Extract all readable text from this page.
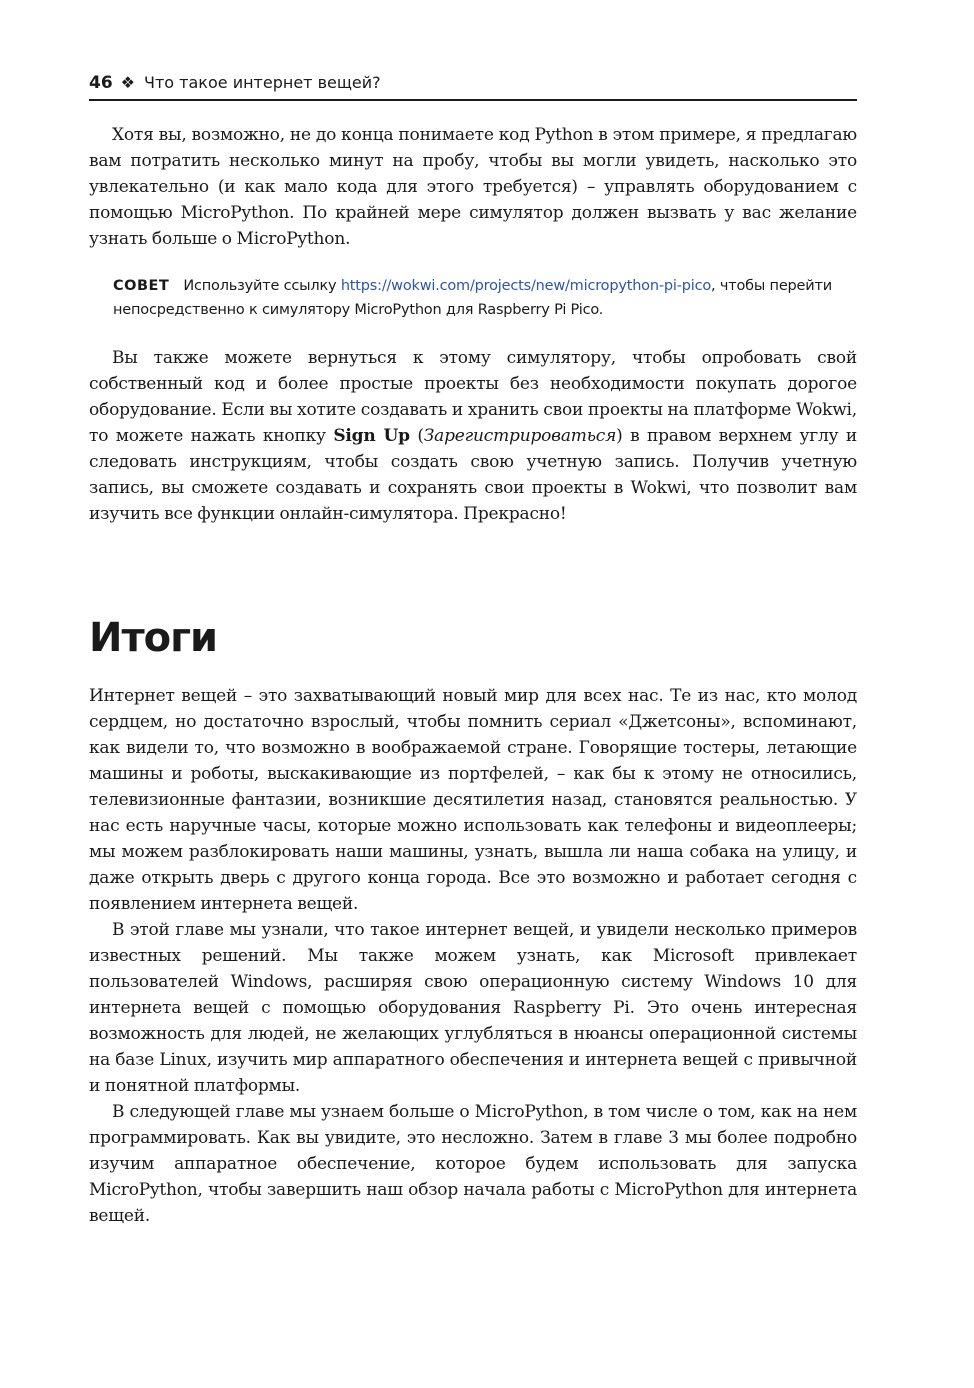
46 ❖ Что такое интернет вещей?

Хотя вы, возможно, не до конца понимаете код Python в этом примере, я предлагаю вам потратить несколько минут на пробу, чтобы вы могли увидеть, насколько это увлекательно (и как мало кода для этого требуется) – управлять оборудованием с помощью MicroPython. По крайней мере симулятор должен вызвать у вас желание узнать больше о MicroPython.

СОВЕТ Используйте ссылку https://wokwi.com/projects/new/micropython-pi-pico, чтобы перейти непосредственно к симулятору MicroPython для Raspberry Pi Pico.

Вы также можете вернуться к этому симулятору, чтобы опробовать свой собственный код и более простые проекты без необходимости покупать дорогое оборудование. Если вы хотите создавать и хранить свои проекты на платформе Wokwi, то можете нажать кнопку Sign Up (Зарегистрироваться) в правом верхнем углу и следовать инструкциям, чтобы создать свою учетную запись. Получив учетную запись, вы сможете создавать и сохранять свои проекты в Wokwi, что позволит вам изучить все функции онлайн-симулятора. Прекрасно!

Итоги

Интернет вещей – это захватывающий новый мир для всех нас. Те из нас, кто молод сердцем, но достаточно взрослый, чтобы помнить сериал «Джетсоны», вспоминают, как видели то, что возможно в воображаемой стране. Говорящие тостеры, летающие машины и роботы, выскакивающие из портфелей, – как бы к этому не относились, телевизионные фантазии, возникшие десятилетия назад, становятся реальностью. У нас есть наручные часы, которые можно использовать как телефоны и видеоплееры; мы можем разблокировать наши машины, узнать, вышла ли наша собака на улицу, и даже открыть дверь с другого конца города. Все это возможно и работает сегодня с появлением интернета вещей.

В этой главе мы узнали, что такое интернет вещей, и увидели несколько примеров известных решений. Мы также можем узнать, как Microsoft привлекает пользователей Windows, расширяя свою операционную систему Windows 10 для интернета вещей с помощью оборудования Raspberry Pi. Это очень интересная возможность для людей, не желающих углубляться в нюансы операционной системы на базе Linux, изучить мир аппаратного обеспечения и интернета вещей с привычной и понятной платформы.

В следующей главе мы узнаем больше о MicroPython, в том числе о том, как на нем программировать. Как вы увидите, это несложно. Затем в главе 3 мы более подробно изучим аппаратное обеспечение, которое будем использовать для запуска MicroPython, чтобы завершить наш обзор начала работы с MicroPython для интернета вещей.
